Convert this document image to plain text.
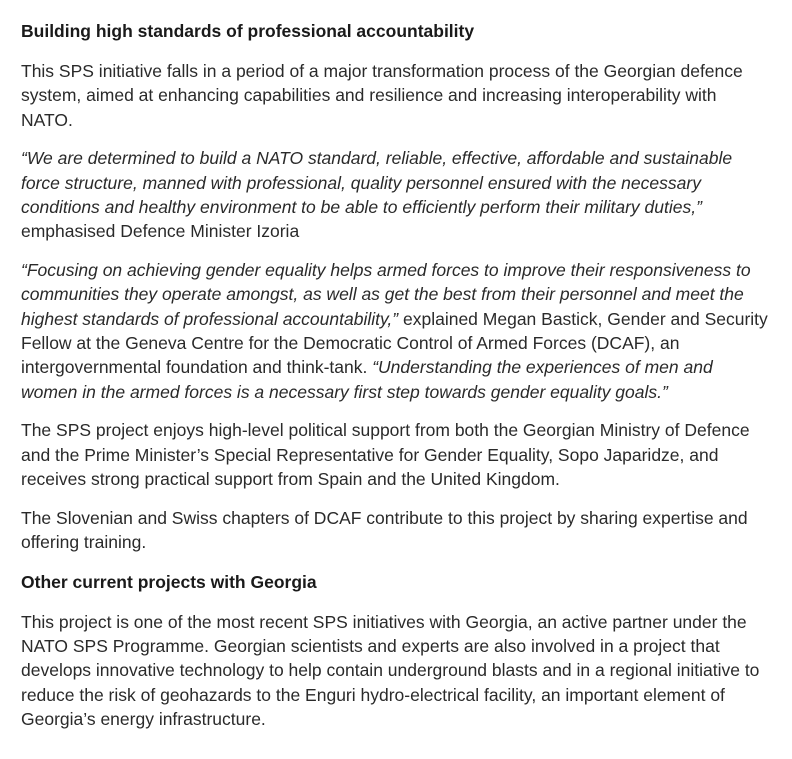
Building high standards of professional accountability

This SPS initiative falls in a period of a major transformation process of the Georgian defence system, aimed at enhancing capabilities and resilience and increasing interoperability with NATO.

“We are determined to build a NATO standard, reliable, effective, affordable and sustainable force structure, manned with professional, quality personnel ensured with the necessary conditions and healthy environment to be able to efficiently perform their military duties,” emphasised Defence Minister Izoria

“Focusing on achieving gender equality helps armed forces to improve their responsiveness to communities they operate amongst, as well as get the best from their personnel and meet the highest standards of professional accountability,” explained Megan Bastick, Gender and Security Fellow at the Geneva Centre for the Democratic Control of Armed Forces (DCAF), an intergovernmental foundation and think-tank. “Understanding the experiences of men and women in the armed forces is a necessary first step towards gender equality goals.”

The SPS project enjoys high-level political support from both the Georgian Ministry of Defence and the Prime Minister’s Special Representative for Gender Equality, Sopo Japaridze, and receives strong practical support from Spain and the United Kingdom.

The Slovenian and Swiss chapters of DCAF contribute to this project by sharing expertise and offering training.

Other current projects with Georgia

This project is one of the most recent SPS initiatives with Georgia, an active partner under the NATO SPS Programme. Georgian scientists and experts are also involved in a project that develops innovative technology to help contain underground blasts and in a regional initiative to reduce the risk of geohazards to the Enguri hydro-electrical facility, an important element of Georgia’s energy infrastructure.
